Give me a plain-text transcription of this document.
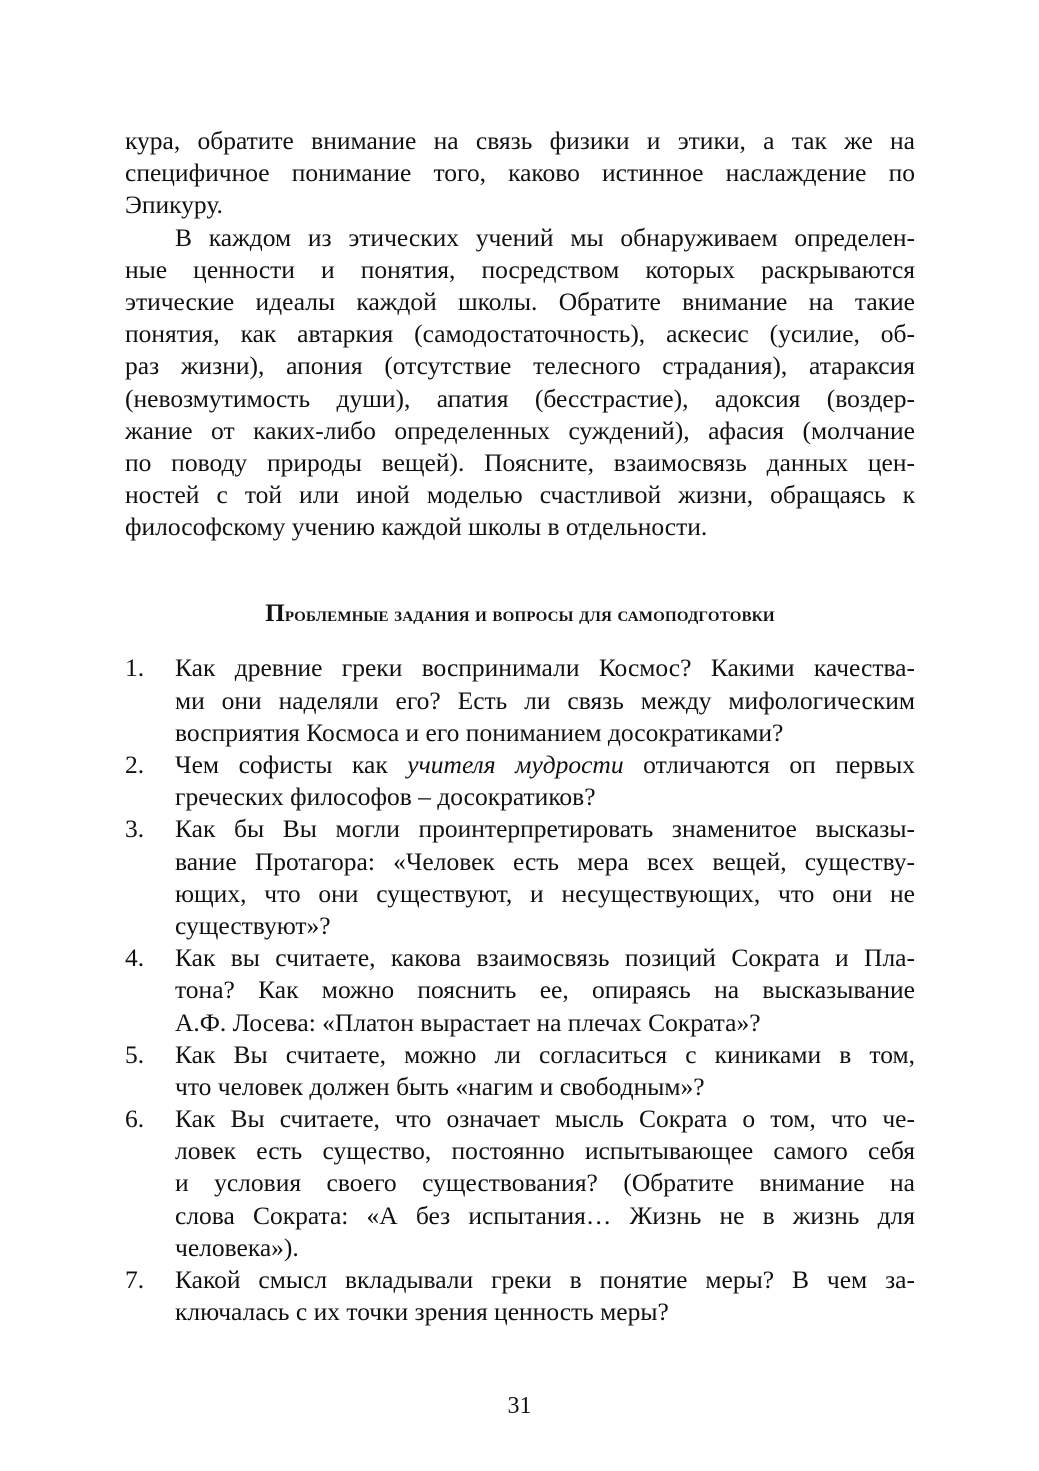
кура, обратите внимание на связь физики и этики, а так же на
специфичное понимание того, каково истинное наслаждение по
Эпикуру.
В каждом из этических учений мы обнаруживаем определен-
ные ценности и понятия, посредством которых раскрываются
этические идеалы каждой школы. Обратите внимание на такие
понятия, как автаркия (самодостаточность), аскесис (усилие, об-
раз жизни), апония (отсутствие телесного страдания), атараксия
(невозмутимость души), апатия (бесстрастие), адоксия (воздер-
жание от каких-либо определенных суждений), афасия (молчание
по поводу природы вещей). Поясните, взаимосвязь данных цен-
ностей с той или иной моделью счастливой жизни, обращаясь к
философскому учению каждой школы в отдельности.
Проблемные задания и вопросы для самоподготовки
1. Как древние греки воспринимали Космос? Какими качества-
ми они наделяли его? Есть ли связь между мифологическим
восприятия Космоса и его пониманием досократиками?
2. Чем софисты как учителя мудрости отличаются оп первых
греческих философов – досократиков?
3. Как бы Вы могли проинтерпретировать знаменитое высказы-
вание Протагора: «Человек есть мера всех вещей, существу-
ющих, что они существуют, и несуществующих, что они не
существуют»?
4. Как вы считаете, какова взаимосвязь позиций Сократа и Пла-
тона? Как можно пояснить ее, опираясь на высказывание
А.Ф. Лосева: «Платон вырастает на плечах Сократа»?
5. Как Вы считаете, можно ли согласиться с киниками в том,
что человек должен быть «нагим и свободным»?
6. Как Вы считаете, что означает мысль Сократа о том, что че-
ловек есть существо, постоянно испытывающее самого себя
и условия своего существования? (Обратите внимание на
слова Сократа: «А без испытания… Жизнь не в жизнь для
человека»).
7. Какой смысл вкладывали греки в понятие меры? В чем за-
ключалась с их точки зрения ценность меры?
31
